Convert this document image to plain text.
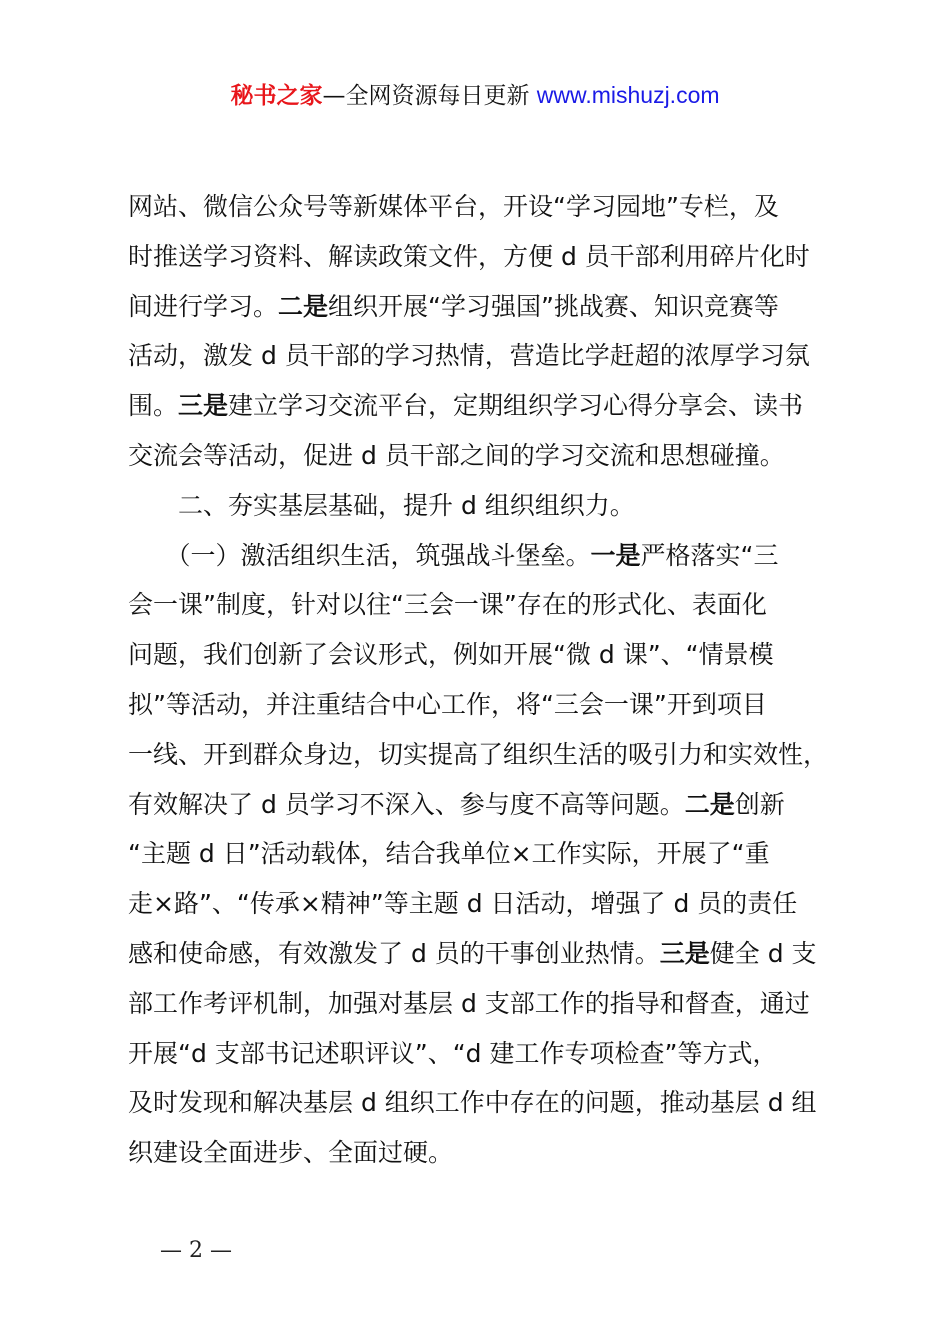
秘书之家—全网资源每日更新 www.mishuzj.com
网站、微信公众号等新媒体平台，开设“学习园地”专栏，及
时推送学习资料、解读政策文件，方便 d 员干部利用碎片化时
间进行学习。二是组织开展“学习强国”挑战赛、知识竞赛等
活动，激发 d 员干部的学习热情，营造比学赶超的浓厚学习氛
围。三是建立学习交流平台，定期组织学习心得分享会、读书
交流会等活动，促进 d 员干部之间的学习交流和思想碰撞。
　　二、夯实基层基础，提升 d 组织组织力。
　　（一）激活组织生活，筑强战斗堡垒。一是严格落实“三
会一课”制度，针对以往“三会一课”存在的形式化、表面化
问题，我们创新了会议形式，例如开展“微 d 课”、“情景模
拟”等活动，并注重结合中心工作，将“三会一课”开到项目
一线、开到群众身边，切实提高了组织生活的吸引力和实效性，
有效解决了 d 员学习不深入、参与度不高等问题。二是创新
“主题 d 日”活动载体，结合我单位×工作实际，开展了“重
走×路”、“传承×精神”等主题 d 日活动，增强了 d 员的责任
感和使命感，有效激发了 d 员的干事创业热情。三是健全 d 支
部工作考评机制，加强对基层 d 支部工作的指导和督查，通过
开展“d 支部书记述职评议”、“d 建工作专项检查”等方式，
及时发现和解决基层 d 组织工作中存在的问题，推动基层 d 组
织建设全面进步、全面过硬。
— 2 —
